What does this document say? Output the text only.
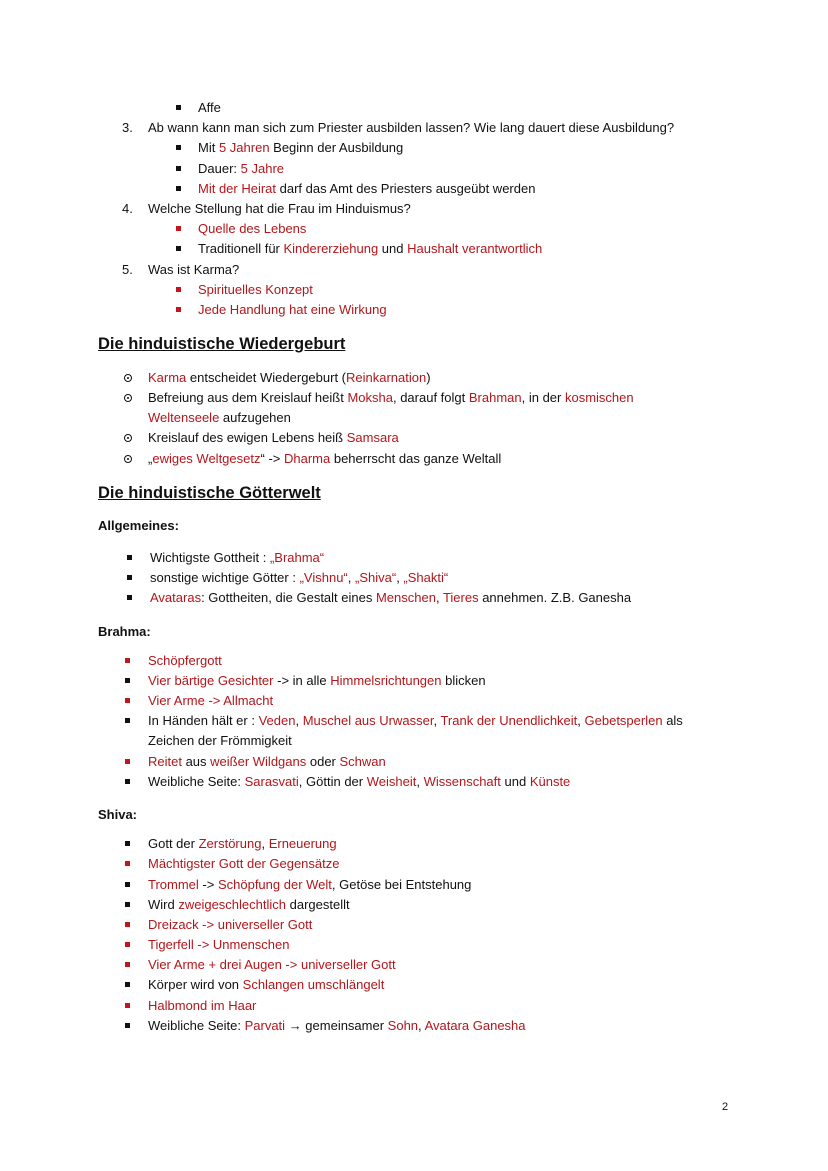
Affe
3. Ab wann kann man sich zum Priester ausbilden lassen? Wie lang dauert diese Ausbildung?
Mit 5 Jahren Beginn der Ausbildung
Dauer: 5 Jahre
Mit der Heirat darf das Amt des Priesters ausgeübt werden
4. Welche Stellung hat die Frau im Hinduismus?
Quelle des Lebens
Traditionell für Kindererziehung und Haushalt verantwortlich
5. Was ist Karma?
Spirituelles Konzept
Jede Handlung hat eine Wirkung
Die hinduistische Wiedergeburt
Karma entscheidet Wiedergeburt (Reinkarnation)
Befreiung aus dem Kreislauf heißt Moksha, darauf folgt Brahman, in der kosmischen
Weltenseele aufzugehen
Kreislauf des ewigen Lebens heiß Samsara
„ewiges Weltgesetz“ -> Dharma beherrscht das ganze Weltall
Die hinduistische Götterwelt
Allgemeines:
Wichtigste Gottheit : „Brahma“
sonstige wichtige Götter : „Vishnu“, „Shiva“, „Shakti“
Avataras: Gottheiten, die Gestalt eines Menschen, Tieres annehmen. Z.B. Ganesha
Brahma:
Schöpfergott
Vier bärtige Gesichter -> in alle Himmelsrichtungen blicken
Vier Arme -> Allmacht
In Händen hält er : Veden, Muschel aus Urwasser, Trank der Unendlichkeit, Gebetsperlen als
Zeichen der Frömmigkeit
Reitet aus weißer Wildgans oder Schwan
Weibliche Seite: Sarasvati, Göttin der Weisheit, Wissenschaft und Künste
Shiva:
Gott der Zerstörung, Erneuerung
Mächtigster Gott der Gegensätze
Trommel -> Schöpfung der Welt, Getöse bei Entstehung
Wird zweigeschlechtlich dargestellt
Dreizack -> universeller Gott
Tigerfell -> Unmenschen
Vier Arme + drei Augen -> universeller Gott
Körper wird von Schlangen umschlängelt
Halbmond im Haar
Weibliche Seite: Parvati → gemeinsamer Sohn, Avatara Ganesha
2
